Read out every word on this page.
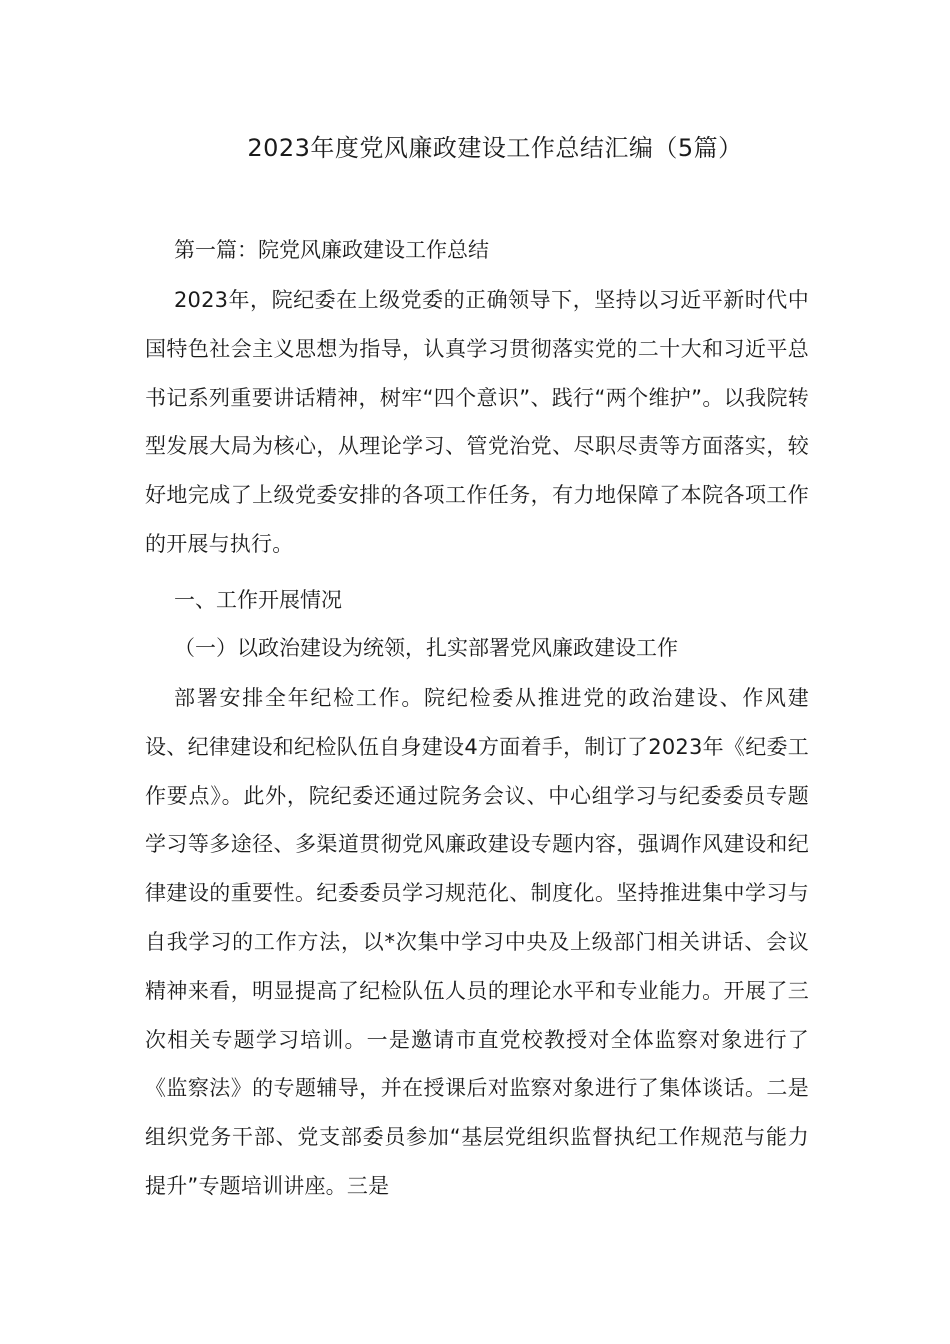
2023年度党风廉政建设工作总结汇编（5篇）
第一篇：院党风廉政建设工作总结

2023年，院纪委在上级党委的正确领导下，坚持以习近平新时代中国特色社会主义思想为指导，认真学习贯彻落实党的二十大和习近平总书记系列重要讲话精神，树牢“四个意识”、践行“两个维护”。以我院转型发展大局为核心，从理论学习、管党治党、尽职尽责等方面落实，较好地完成了上级党委安排的各项工作任务，有力地保障了本院各项工作的开展与执行。

一、工作开展情况
（一）以政治建设为统领，扎实部署党风廉政建设工作

部署安排全年纪检工作。院纪检委从推进党的政治建设、作风建设、纪律建设和纪检队伍自身建设4方面着手，制订了2023年《纪委工作要点》。此外，院纪委还通过院务会议、中心组学习与纪委委员专题学习等多途径、多渠道贯彻党风廉政建设专题内容，强调作风建设和纪律建设的重要性。纪委委员学习规范化、制度化。坚持推进集中学习与自我学习的工作方法，以*次集中学习中央及上级部门相关讲话、会议精神来看，明显提高了纪检队伍人员的理论水平和专业能力。开展了三次相关专题学习培训。一是邀请市直党校教授对全体监察对象进行了《监察法》的专题辅导，并在授课后对监察对象进行了集体谈话。二是组织党务干部、党支部委员参加“基层党组织监督执纪工作规范与能力提升”专题培训讲座。三是
